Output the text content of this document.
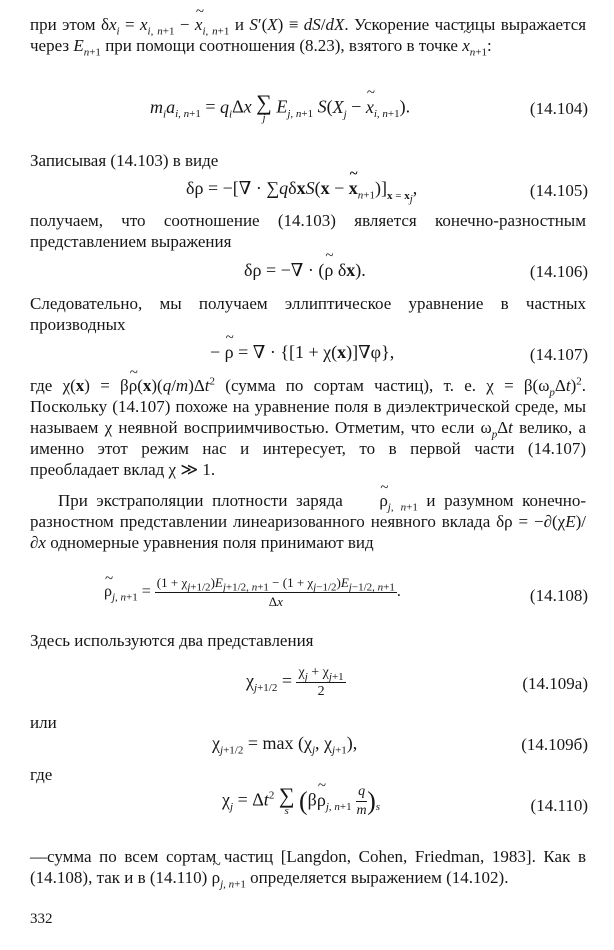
при этом $\delta x_i = x_{i, n+1}$ − ~ $x_{i, n+1}$ и S′(X) ≡ dS/dX. Ускорение частицы выражается через $E_{n+1}$ при помощи соотношения (8.23), взятого в точке ~ $x_{n+1}$:
$m_ia_{i, n+1} = q_i\Delta x$ ∑
j
$E_{j, n+1}$ $S(X_j$ − ~ $x_{i, n+1}$).	(14.104)
Записывая (14.103) в виде
δρ = −[∇ · ∑qδxS(x − ~ $x_{n+1})]_{x = x_j}$,	(14.105)
получаем, что соотношение (14.103) является конечно-разностным представлением выражения
δρ = −∇ · (~ ρ δx).	(14.106)
Следовательно, мы получаем эллиптическое уравнение в частных производных
− ~ ρ = ∇ · {[1 + χ(x)]∇φ},	(14.107)
где χ(x) = β~ $\rho(x)(q/m)\Delta t^2$ (сумма по сортам частиц), т. е. $\chi = \beta(\omega_p\Delta t)^2$. Поскольку (14.107) похоже на уравнение поля в диэлектрической среде, мы называем χ неявной восприимчивостью. Отметим, что если $\omega_p\Delta t$ велико, а именно этот режим нас и интересует, то в первой части (14.107) преобладает вклад χ ≫ 1.
При экстраполяции плотности заряда ~ $\rho_{j, n+1}$ и разумном конечно-разностном представлении линеаризованного неявного вклада δρ = −∂(χE)/∂x одномерные уравнения поля принимают вид
~ $\rho_{j, n+1} = \frac{(1 + \chi_{j+1/2})E_{j+1/2, n+1} - (1 + \chi_{j-1/2})E_{j-1/2, n+1}}{\Delta x}$ .	(14.108)
Здесь используются два представления
$\chi_{j+1/2} = \frac{\chi_j + \chi_{j+1}}{2}$	(14.109а)
или
$\chi_{j+1/2} = \max (\chi_j$, $\chi_{j+1}$),	(14.109б)
где
$\chi_j = \Delta t^2$ ∑
s (β~ $\rho_{j, n+1} \frac{q}{m} )_s$	(14.110)
—сумма по всем сортам частиц [Langdon, Cohen, Friedman, 1983]. Как в (14.108), так и в (14.110) ~ $\rho_{j, n+1}$ определяется выражением (14.102).
332
